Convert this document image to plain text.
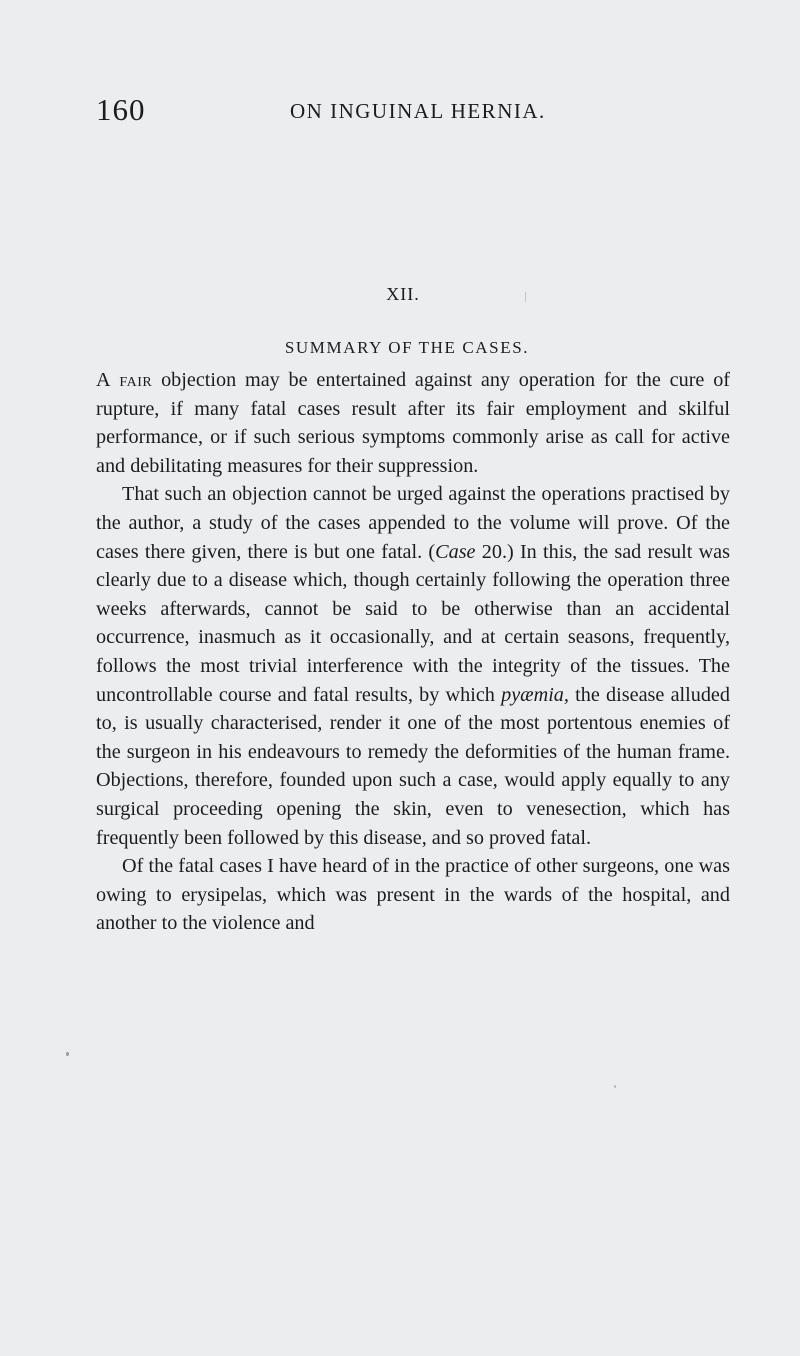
160	ON INGUINAL HERNIA.
XII.
SUMMARY OF THE CASES.

A fair objection may be entertained against any operation for the cure of rupture, if many fatal cases result after its fair employment and skilful performance, or if such serious symptoms commonly arise as call for active and debilitating measures for their suppression.

That such an objection cannot be urged against the operations practised by the author, a study of the cases appended to the volume will prove. Of the cases there given, there is but one fatal. (Case 20.) In this, the sad result was clearly due to a disease which, though certainly following the operation three weeks afterwards, cannot be said to be otherwise than an accidental occurrence, inasmuch as it occasionally, and at certain seasons, frequently, follows the most trivial interference with the integrity of the tissues. The uncontrollable course and fatal results, by which pyæmia, the disease alluded to, is usually characterised, render it one of the most portentous enemies of the surgeon in his endeavours to remedy the deformities of the human frame. Objections, therefore, founded upon such a case, would apply equally to any surgical proceeding opening the skin, even to venesection, which has frequently been followed by this disease, and so proved fatal.

Of the fatal cases I have heard of in the practice of other surgeons, one was owing to erysipelas, which was present in the wards of the hospital, and another to the violence and
